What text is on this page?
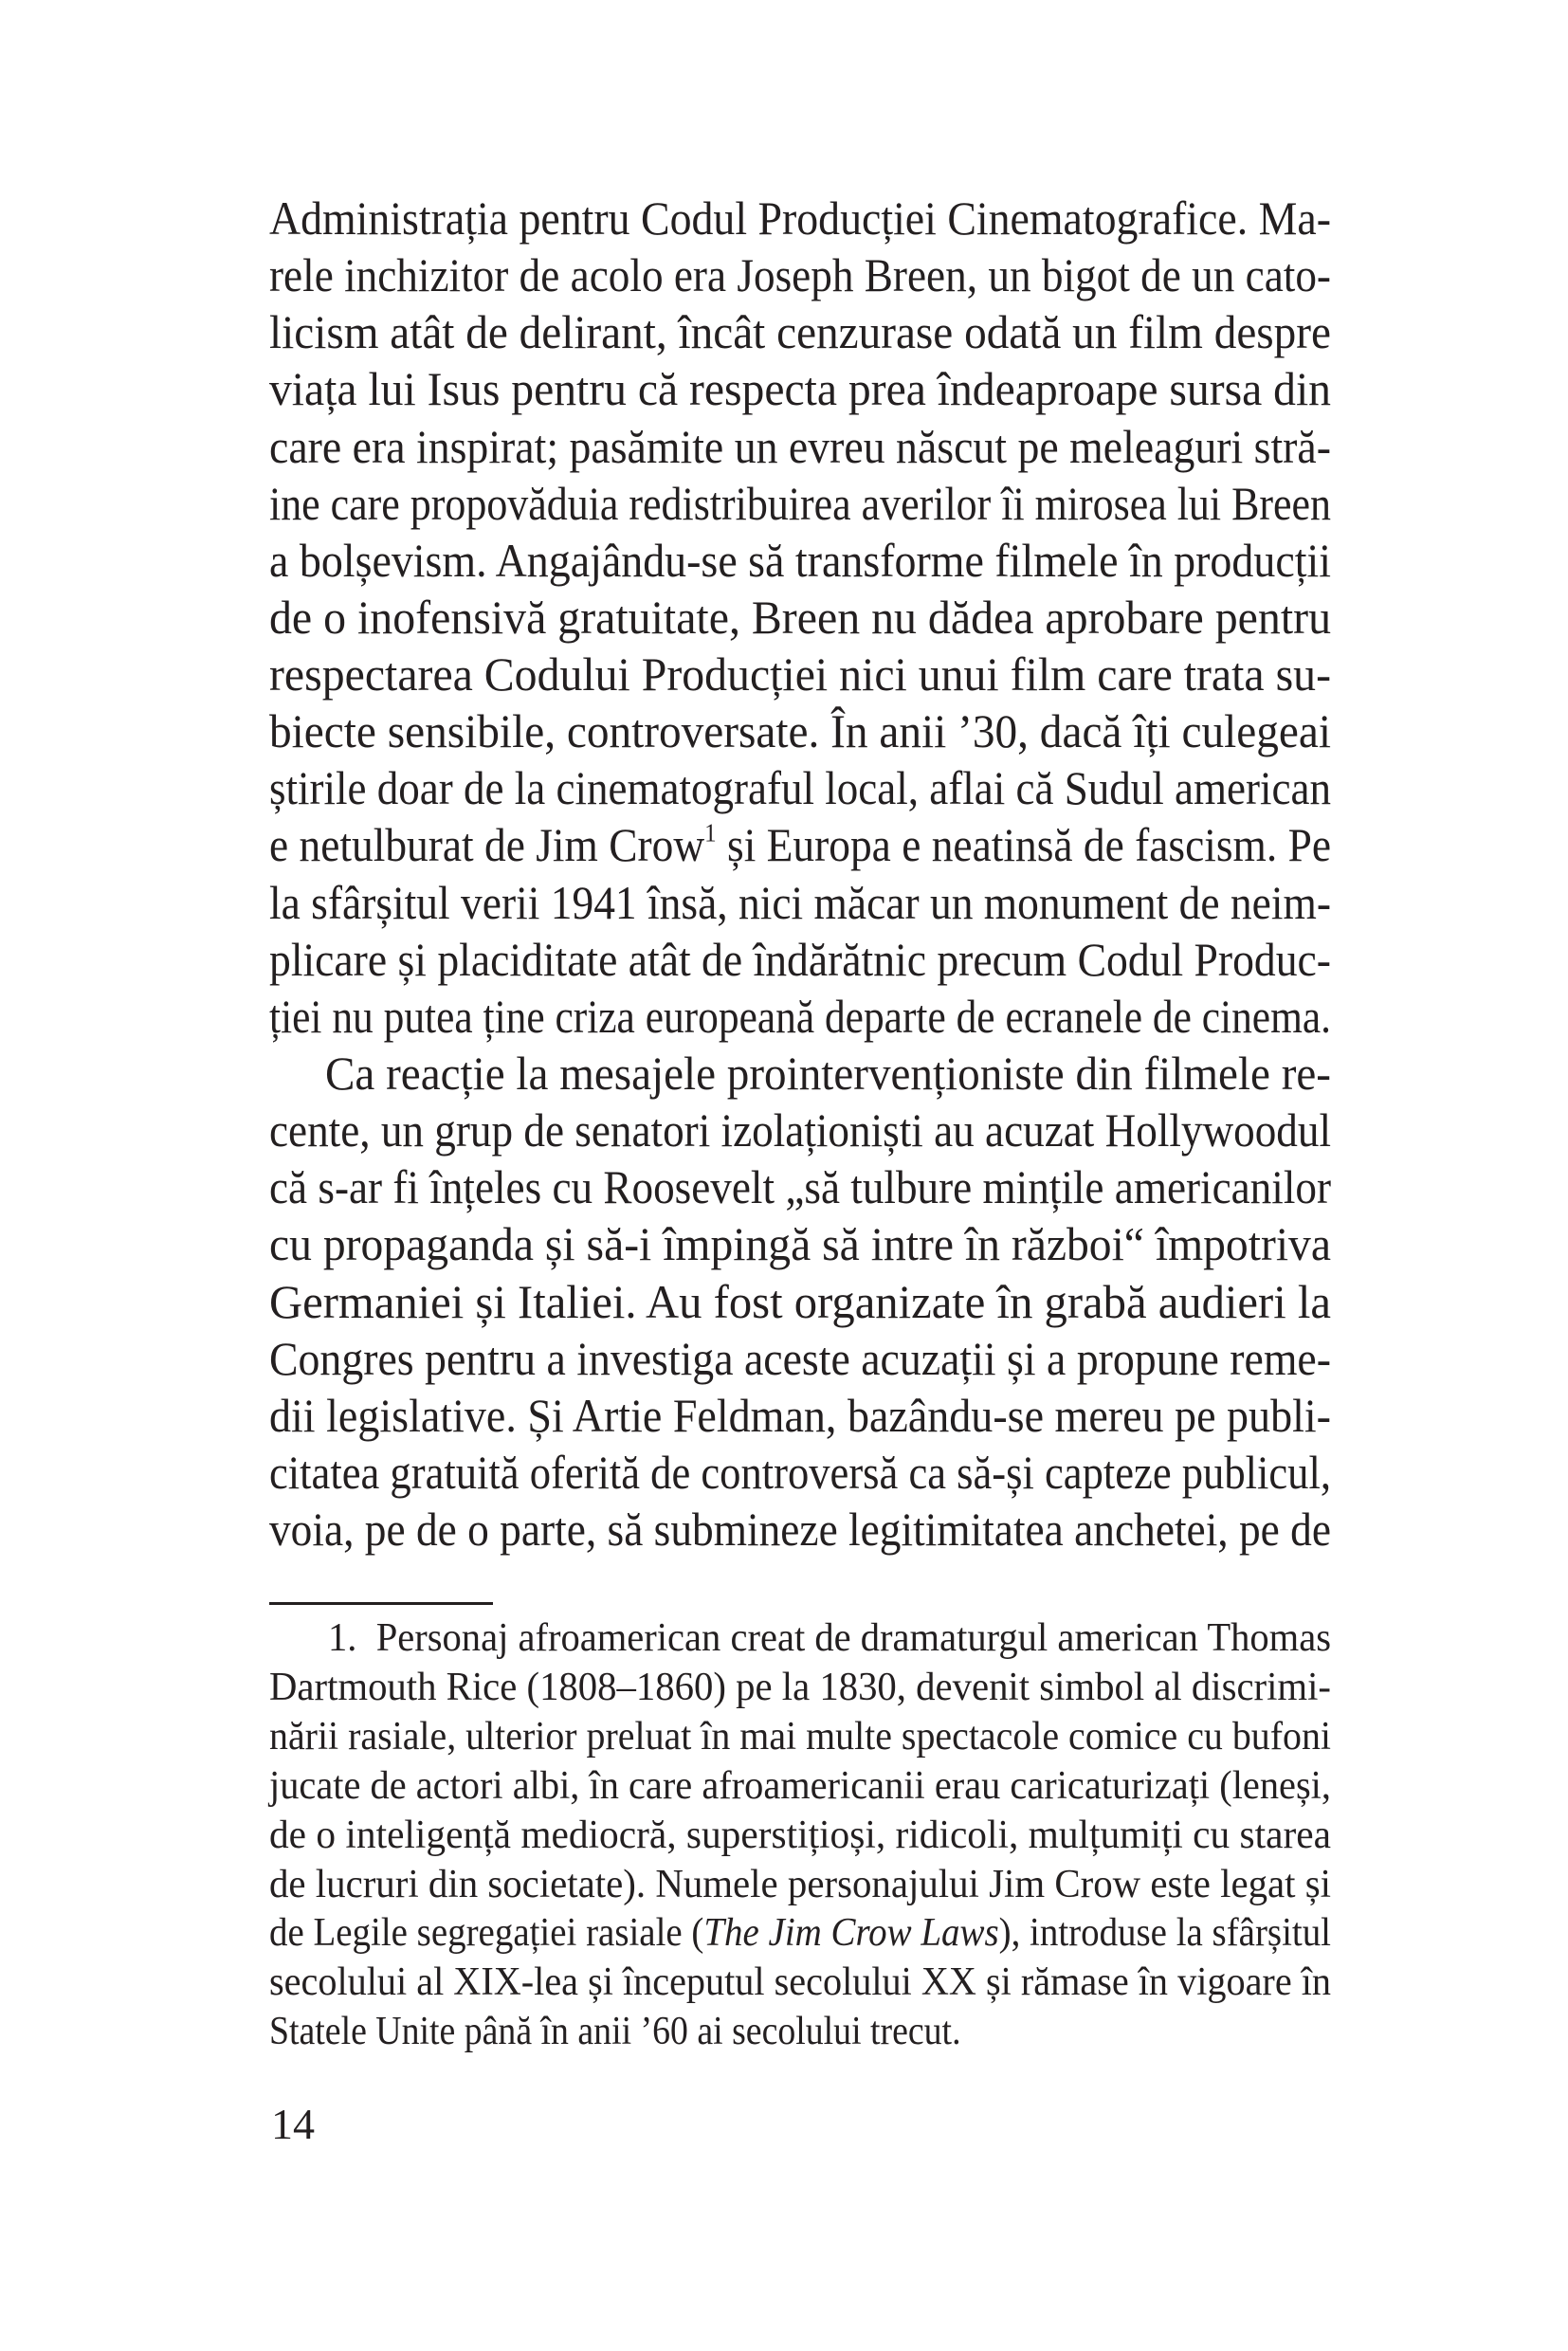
Administrația pentru Codul Producției Cinematografice. Ma-
rele inchizitor de acolo era Joseph Breen, un bigot de un cato-
licism atât de delirant, încât cenzurase odată un film despre
viața lui Isus pentru că respecta prea îndeaproape sursa din
care era inspirat; pasămite un evreu născut pe meleaguri stră-
ine care propovăduia redistribuirea averilor îi mirosea lui Breen
a bolșevism. Angajându-se să transforme filmele în producții
de o inofensivă gratuitate, Breen nu dădea aprobare pentru
respectarea Codului Producției nici unui film care trata su-
biecte sensibile, controversate. În anii ’30, dacă îți culegeai
știrile doar de la cinematograful local, aflai că Sudul american
e netulburat de Jim Crow$^1$ și Europa e neatinsă de fascism. Pe
la sfârșitul verii 1941 însă, nici măcar un monument de neim-
plicare și placiditate atât de îndărătnic precum Codul Produc-
ției nu putea ține criza europeană departe de ecranele de cinema.
Ca reacție la mesajele prointervenționiste din filmele re-
cente, un grup de senatori izolaționiști au acuzat Hollywoodul
că s-ar fi înțeles cu Roosevelt „să tulbure mințile americanilor
cu propaganda și să-i împingă să intre în război“ împotriva
Germaniei și Italiei. Au fost organizate în grabă audieri la
Congres pentru a investiga aceste acuzații și a propune reme-
dii legislative. Și Artie Feldman, bazându-se mereu pe publi-
citatea gratuită oferită de controversă ca să-și capteze publicul,
voia, pe de o parte, să submineze legitimitatea anchetei, pe de
1. Personaj afroamerican creat de dramaturgul american Thomas
Dartmouth Rice (1808–1860) pe la 1830, devenit simbol al discrimi-
nării rasiale, ulterior preluat în mai multe spectacole comice cu bufoni
jucate de actori albi, în care afroamericanii erau caricaturizați (leneși,
de o inteligență mediocră, superstițioși, ridicoli, mulțumiți cu starea
de lucruri din societate). Numele personajului Jim Crow este legat și
de Legile segregației rasiale (The Jim Crow Laws), introduse la sfârșitul
secolului al XIX-lea și începutul secolului XX și rămase în vigoare în
Statele Unite până în anii ’60 ai secolului trecut.
14
